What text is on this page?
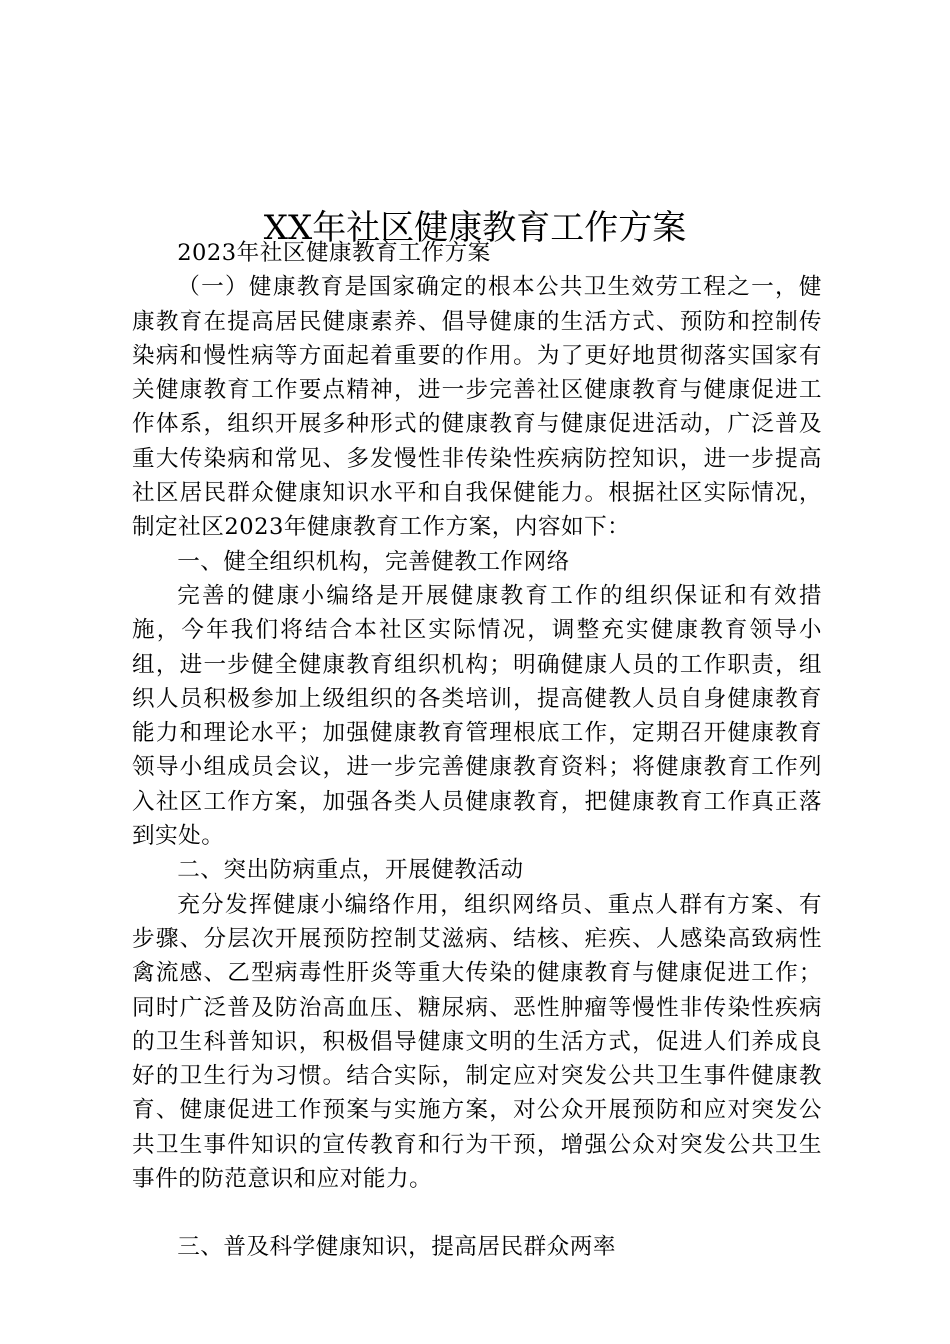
XX年社区健康教育工作方案

2023年社区健康教育工作方案

（一）健康教育是国家确定的根本公共卫生效劳工程之一，健康教育在提高居民健康素养、倡导健康的生活方式、预防和控制传染病和慢性病等方面起着重要的作用。为了更好地贯彻落实国家有关健康教育工作要点精神，进一步完善社区健康教育与健康促进工作体系，组织开展多种形式的健康教育与健康促进活动，广泛普及重大传染病和常见、多发慢性非传染性疾病防控知识，进一步提高社区居民群众健康知识水平和自我保健能力。根据社区实际情况，制定社区2023年健康教育工作方案，内容如下：

一、健全组织机构，完善健教工作网络

完善的健康小编络是开展健康教育工作的组织保证和有效措施，今年我们将结合本社区实际情况，调整充实健康教育领导小组，进一步健全健康教育组织机构；明确健康人员的工作职责，组织人员积极参加上级组织的各类培训，提高健教人员自身健康教育能力和理论水平；加强健康教育管理根底工作，定期召开健康教育领导小组成员会议，进一步完善健康教育资料；将健康教育工作列入社区工作方案，加强各类人员健康教育，把健康教育工作真正落到实处。

二、突出防病重点，开展健教活动

充分发挥健康小编络作用，组织网络员、重点人群有方案、有步骤、分层次开展预防控制艾滋病、结核、疟疾、人感染高致病性禽流感、乙型病毒性肝炎等重大传染的健康教育与健康促进工作；同时广泛普及防治高血压、糖尿病、恶性肿瘤等慢性非传染性疾病的卫生科普知识，积极倡导健康文明的生活方式，促进人们养成良好的卫生行为习惯。结合实际，制定应对突发公共卫生事件健康教育、健康促进工作预案与实施方案，对公众开展预防和应对突发公共卫生事件知识的宣传教育和行为干预，增强公众对突发公共卫生事件的防范意识和应对能力。

三、普及科学健康知识，提高居民群众两率
